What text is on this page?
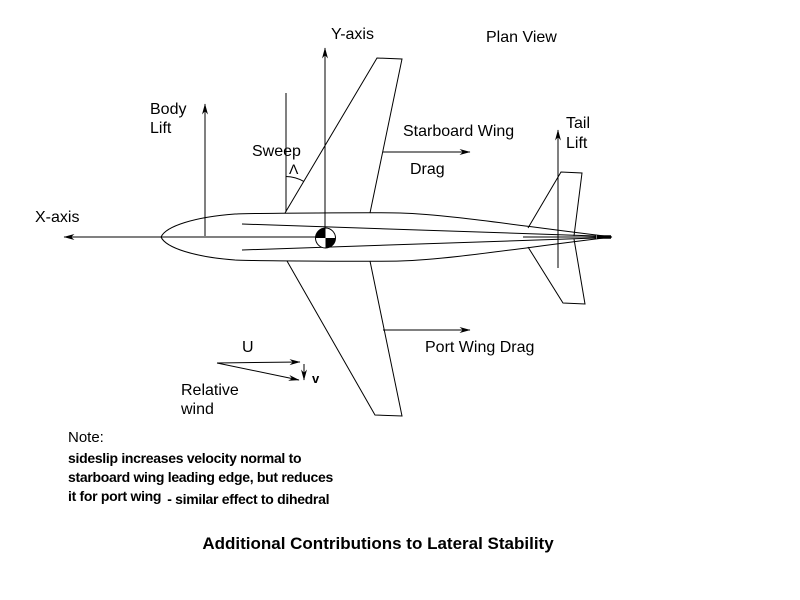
Y-axis	Plan View
Body
Lift
Sweep
Λ
Starboard Wing
Drag
Tail
Lift
X-axis
Port Wing Drag
U
v
Relative
wind
Note:
sideslip increases velocity normal to
starboard wing leading edge, but reduces
it for port wing - similar effect to dihedral
Additional Contributions to Lateral Stability
